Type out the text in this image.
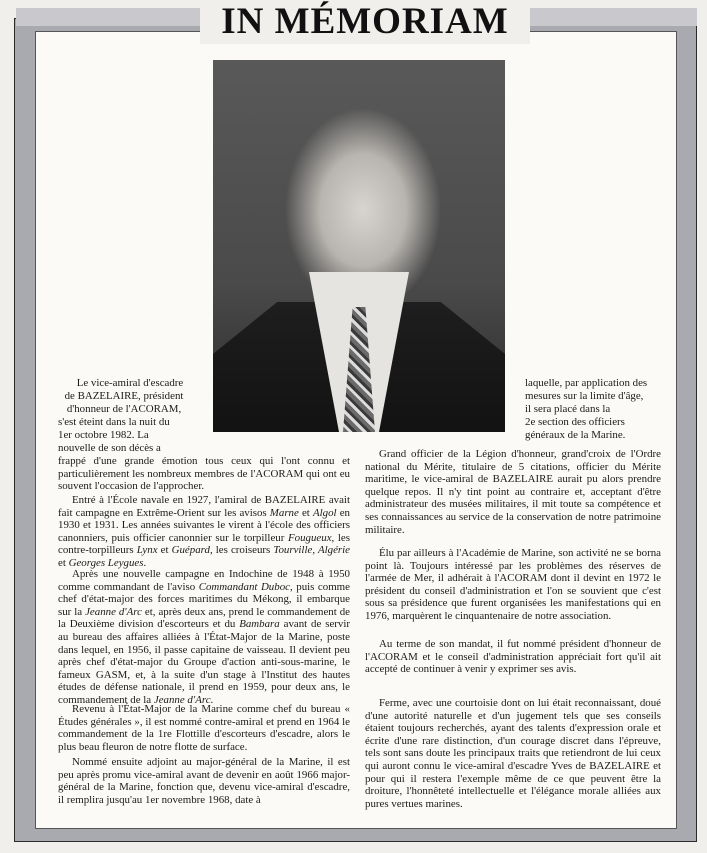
IN MÉMORIAM
Le vice-amiral d'escadre
de BAZELAIRE, président
d'honneur de l'ACORAM,
s'est éteint dans la nuit du
1er octobre 1982. La
nouvelle de son décès a
frappé d'une grande émotion tous ceux qui l'ont connu et particulièrement les nombreux membres de l'ACORAM qui ont eu souvent l'occasion de l'approcher.
Entré à l'École navale en 1927, l'amiral de BAZELAIRE avait fait campagne en Extrême-Orient sur les avisos Marne et Algol en 1930 et 1931. Les années suivantes le virent à l'école des officiers canonniers, puis officier canonnier sur le torpilleur Fougueux, les contre-torpilleurs Lynx et Guépard, les croiseurs Tourville, Algérie et Georges Leygues.
Après une nouvelle campagne en Indochine de 1948 à 1950 comme commandant de l'aviso Commandant Duboc, puis comme chef d'état-major des forces maritimes du Mékong, il embarque sur la Jeanne d'Arc et, après deux ans, prend le commandement de la Deuxième division d'escorteurs et du Bambara avant de servir au bureau des affaires alliées à l'État-Major de la Marine, poste dans lequel, en 1956, il passe capitaine de vaisseau. Il devient peu après chef d'état-major du Groupe d'action anti-sous-marine, le fameux GASM, et, à la suite d'un stage à l'Institut des hautes études de défense nationale, il prend en 1959, pour deux ans, le commandement de la Jeanne d'Arc.
Revenu à l'État-Major de la Marine comme chef du bureau « Études générales », il est nommé contre-amiral et prend en 1964 le commandement de la 1re Flottille d'escorteurs d'escadre, alors le plus beau fleuron de notre flotte de surface.
Nommé ensuite adjoint au major-général de la Marine, il est peu après promu vice-amiral avant de devenir en août 1966 major-général de la Marine, fonction que, devenu vice-amiral d'escadre, il remplira jusqu'au 1er novembre 1968, date à
laquelle, par application des
mesures sur la limite d'âge,
il sera placé dans la
2e section des officiers
généraux de la Marine.
Grand officier de la Légion d'honneur, grand'croix de l'Ordre national du Mérite, titulaire de 5 citations, officier du Mérite maritime, le vice-amiral de BAZELAIRE aurait pu alors prendre quelque repos. Il n'y tint point au contraire et, acceptant d'être administrateur des musées militaires, il mit toute sa compétence et ses connaissances au service de la conservation de notre patrimoine militaire.
Élu par ailleurs à l'Académie de Marine, son activité ne se borna point là. Toujours intéressé par les problèmes des réserves de l'armée de Mer, il adhérait à l'ACORAM dont il devint en 1972 le président du conseil d'administration et l'on se souvient que c'est sous sa présidence que furent organisées les manifestations qui en 1976, marquèrent le cinquantenaire de notre association.
Au terme de son mandat, il fut nommé président d'honneur de l'ACORAM et le conseil d'administration appréciait fort qu'il ait accepté de continuer à venir y exprimer ses avis.
Ferme, avec une courtoisie dont on lui était reconnaissant, doué d'une autorité naturelle et d'un jugement tels que ses conseils étaient toujours recherchés, ayant des talents d'expression orale et écrite d'une rare distinction, d'un courage discret dans l'épreuve, tels sont sans doute les principaux traits que retiendront de lui ceux qui auront connu le vice-amiral d'escadre Yves de BAZELAIRE et pour qui il restera l'exemple même de ce que peuvent être la droiture, l'honnêteté intellectuelle et l'élégance morale alliées aux pures vertues marines.
